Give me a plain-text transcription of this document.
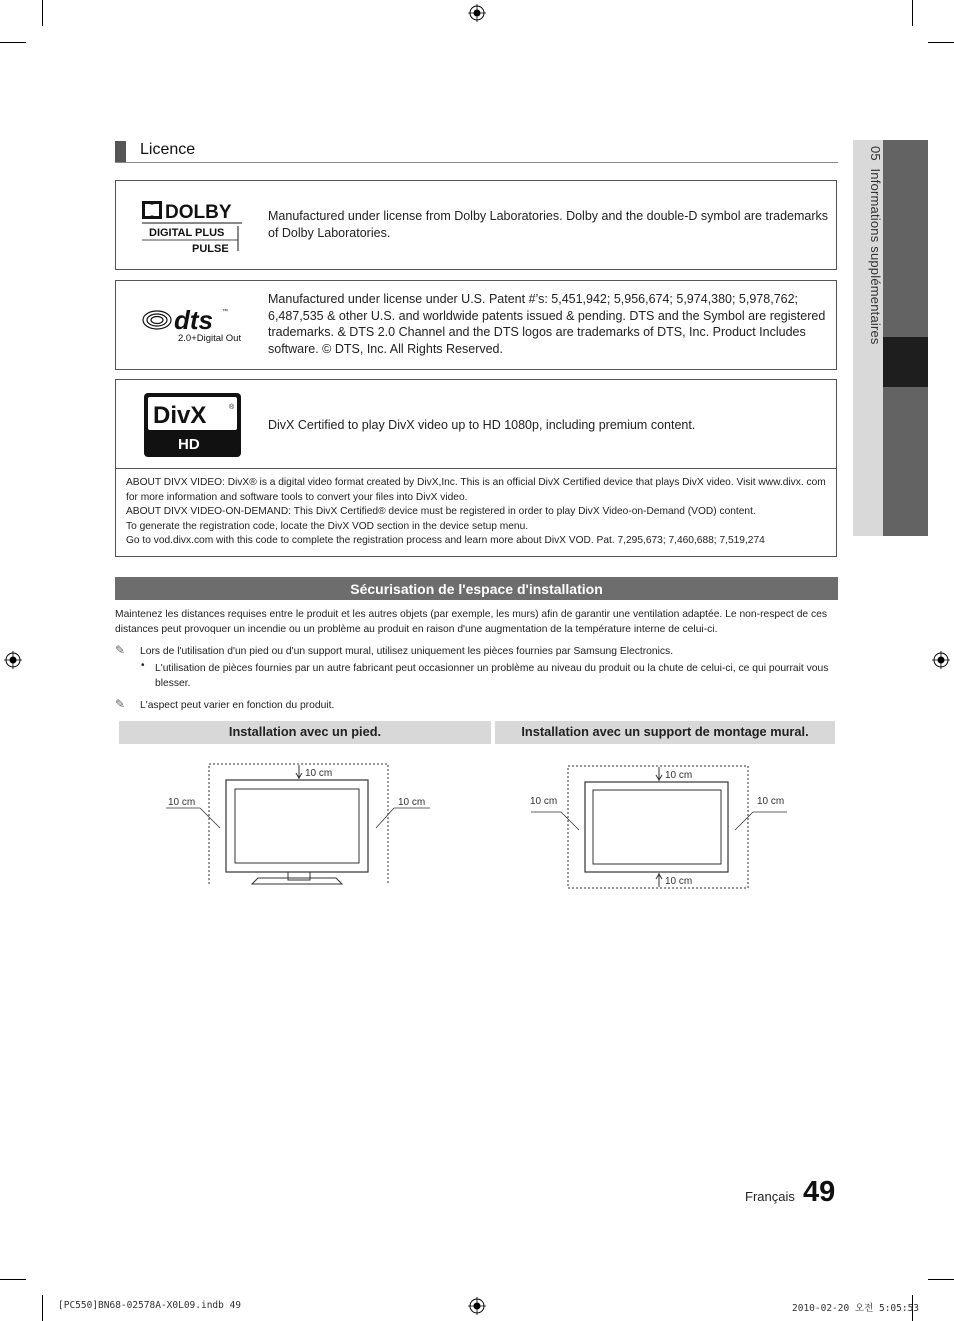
05  Informations supplémentaires
Licence
DOLBY
DIGITAL PLUS
PULSE
Manufactured under license from Dolby Laboratories. Dolby and the double-D symbol are trademarks of Dolby Laboratories.
dts ™
2.0+Digital Out
Manufactured under license under U.S. Patent #’s: 5,451,942; 5,956,674; 5,974,380; 5,978,762; 6,487,535 & other U.S. and worldwide patents issued & pending. DTS and the Symbol are registered trademarks. & DTS 2.0 Channel and the DTS logos are trademarks of DTS, Inc. Product Includes software. © DTS, Inc. All Rights Reserved.
DivX	®
HD
DivX Certified to play DivX video up to HD 1080p, including premium content.
ABOUT DIVX VIDEO: DivX® is a digital video format created by DivX,Inc. This is an official DivX Certified device that plays DivX video. Visit www.divx. com for more information and software tools to convert your files into DivX video.
ABOUT DIVX VIDEO-ON-DEMAND: This DivX Certified® device must be registered in order to play DivX Video-on-Demand (VOD) content.
To generate the registration code, locate the DivX VOD section in the device setup menu.
Go to vod.divx.com with this code to complete the registration process and learn more about DivX VOD. Pat. 7,295,673; 7,460,688; 7,519,274
Sécurisation de l'espace d'installation
Maintenez les distances requises entre le produit et les autres objets (par exemple, les murs) afin de garantir une ventilation adaptée. Le non-respect de ces distances peut provoquer un incendie ou un problème au produit en raison d'une augmentation de la température interne de celui-ci.
✎ Lors de l'utilisation d'un pied ou d'un support mural, utilisez uniquement les pièces fournies par Samsung Electronics.
• L'utilisation de pièces fournies par un autre fabricant peut occasionner un problème au niveau du produit ou la chute de celui-ci, ce qui pourrait vous blesser.
✎ L'aspect peut varier en fonction du produit.
Installation avec un pied.	Installation avec un support de montage mural.
10 cm
10 cm	10 cm
10 cm
10 cm
10 cm	10 cm
Français 49
[PC550]BN68-02578A-X0L09.indb 49	2010-02-20 오전 5:05:53
